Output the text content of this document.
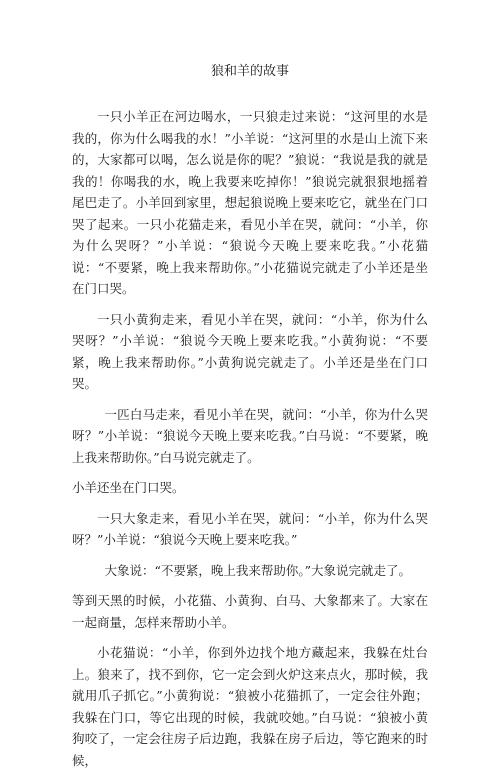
狼和羊的故事

一只小羊正在河边喝水，一只狼走过来说：“这河里的水是我的，你为什么喝我的水！”小羊说：“这河里的水是山上流下来的，大家都可以喝，怎么说是你的呢？”狼说：“我说是我的就是我的！你喝我的水，晚上我要来吃掉你！”狼说完就狠狠地摇着尾巴走了。小羊回到家里，想起狼说晚上要来吃它，就坐在门口哭了起来。一只小花猫走来，看见小羊在哭，就问：“小羊，你为什么哭呀？”小羊说：“狼说今天晚上要来吃我。”小花猫说：“不要紧，晚上我来帮助你。”小花猫说完就走了小羊还是坐在门口哭。

一只小黄狗走来，看见小羊在哭，就问：“小羊，你为什么哭呀？”小羊说：“狼说今天晚上要来吃我。”小黄狗说：“不要紧，晚上我来帮助你。”小黄狗说完就走了。小羊还是坐在门口哭。

一匹白马走来，看见小羊在哭，就问：“小羊，你为什么哭呀？”小羊说：“狼说今天晚上要来吃我。”白马说：“不要紧，晚上我来帮助你。”白马说完就走了。

小羊还坐在门口哭。

一只大象走来，看见小羊在哭，就问：“小羊，你为什么哭呀？”小羊说：“狼说今天晚上要来吃我。”

大象说：“不要紧，晚上我来帮助你。”大象说完就走了。

等到天黑的时候，小花猫、小黄狗、白马、大象都来了。大家在一起商量，怎样来帮助小羊。

小花猫说：“小羊，你到外边找个地方藏起来，我躲在灶台上。狼来了，找不到你，它一定会到火炉这来点火，那时候，我就用爪子抓它。”小黄狗说：“狼被小花猫抓了，一定会往外跑；我躲在门口，等它出现的时候，我就咬她。”白马说：“狼被小黄狗咬了，一定会往房子后边跑，我躲在房子后边，等它跑来的时候，
